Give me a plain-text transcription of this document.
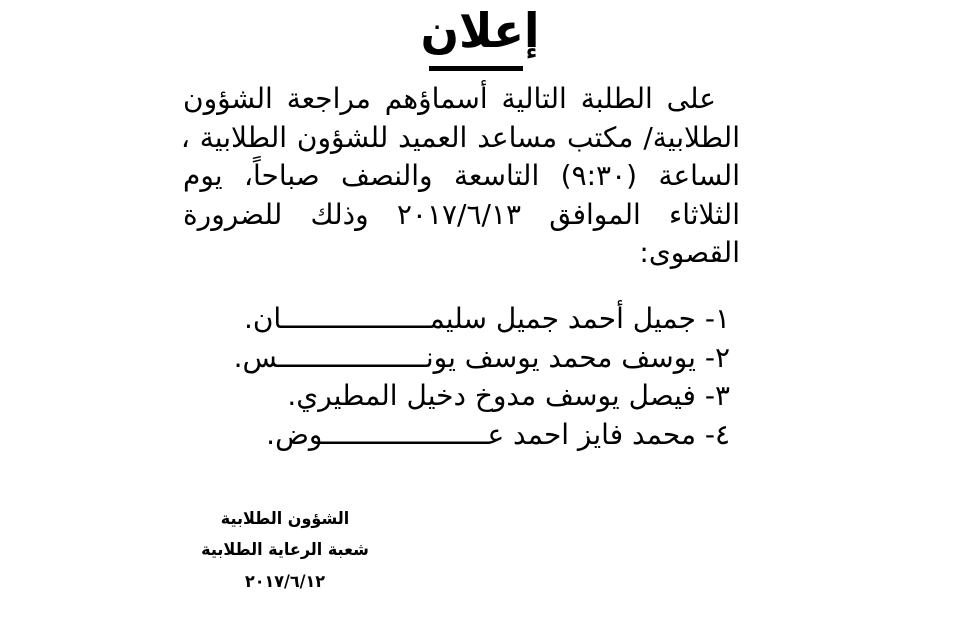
إعلان
على الطلبة التالية أسماؤهم مراجعة الشؤون
الطلابية/ مكتب مساعد العميد للشؤون الطلابية ،
الساعة (٩:٣٠) التاسعة والنصف صباحاً، يوم
الثلاثاء الموافق ٢٠١٧/٦/١٣ وذلك للضرورة
القصوى:
١- جميل أحمد جميل سليمــــــــــــــــــان.
٢- يوسف محمد يوسف يونــــــــــــــــــس.
٣- فيصل يوسف مدوخ دخيل المطيري.
٤- محمد فايز احمد عــــــــــــــــــــوض.
الشؤون الطلابية
شعبة الرعاية الطلابية
٢٠١٧/٦/١٢
